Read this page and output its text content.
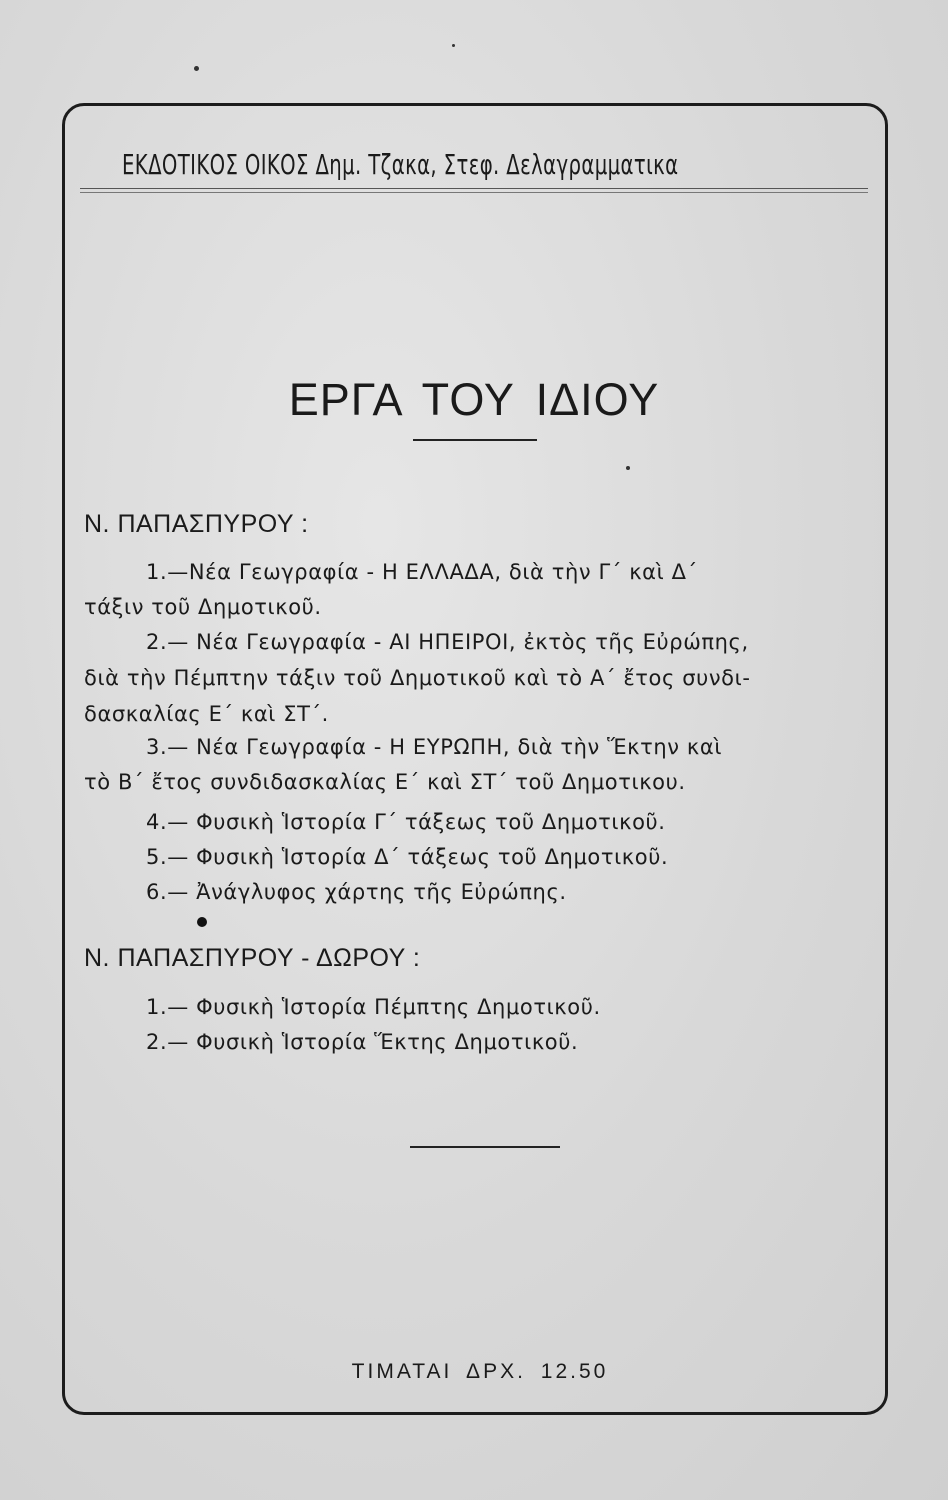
ΕΚΔΟΤΙΚΟΣ ΟΙΚΟΣ Δημ. Τζακα, Στεφ. Δελαγραμματικα
ΕΡΓΑ ΤΟΥ ΙΔΙΟΥ
Ν. ΠΑΠΑΣΠΥΡΟΥ :
1.—Νέα Γεωγραφία - Η ΕΛΛΑΔΑ, διὰ τὴν Γ΄ καὶ Δ΄
τάξιν τοῦ Δημοτικοῦ.
2.— Νέα Γεωγραφία - ΑΙ ΗΠΕΙΡΟΙ, ἐκτὸς τῆς Εὐρώπης,
διὰ τὴν Πέμπτην τάξιν τοῦ Δημοτικοῦ καὶ τὸ Α΄ ἔτος συνδι-
δασκαλίας Ε΄ καὶ ΣΤ΄.
3.— Νέα Γεωγραφία - Η ΕΥΡΩΠΗ, διὰ τὴν Ἕκτην καὶ
τὸ Β΄ ἔτος συνδιδασκαλίας Ε΄ καὶ ΣΤ΄ τοῦ Δημοτικου.
4.— Φυσικὴ Ἱστορία Γ΄ τάξεως τοῦ Δημοτικοῦ.
5.— Φυσικὴ Ἱστορία Δ΄ τάξεως τοῦ Δημοτικοῦ.
6.— Ἀνάγλυφος χάρτης τῆς Εὐρώπης.
Ν. ΠΑΠΑΣΠΥΡΟΥ - ΔΩΡΟΥ :
1.— Φυσικὴ Ἱστορία Πέμπτης Δημοτικοῦ.
2.— Φυσικὴ Ἱστορία Ἕκτης Δημοτικοῦ.
ΤΙΜΑΤΑΙ ΔΡΧ. 12.50
